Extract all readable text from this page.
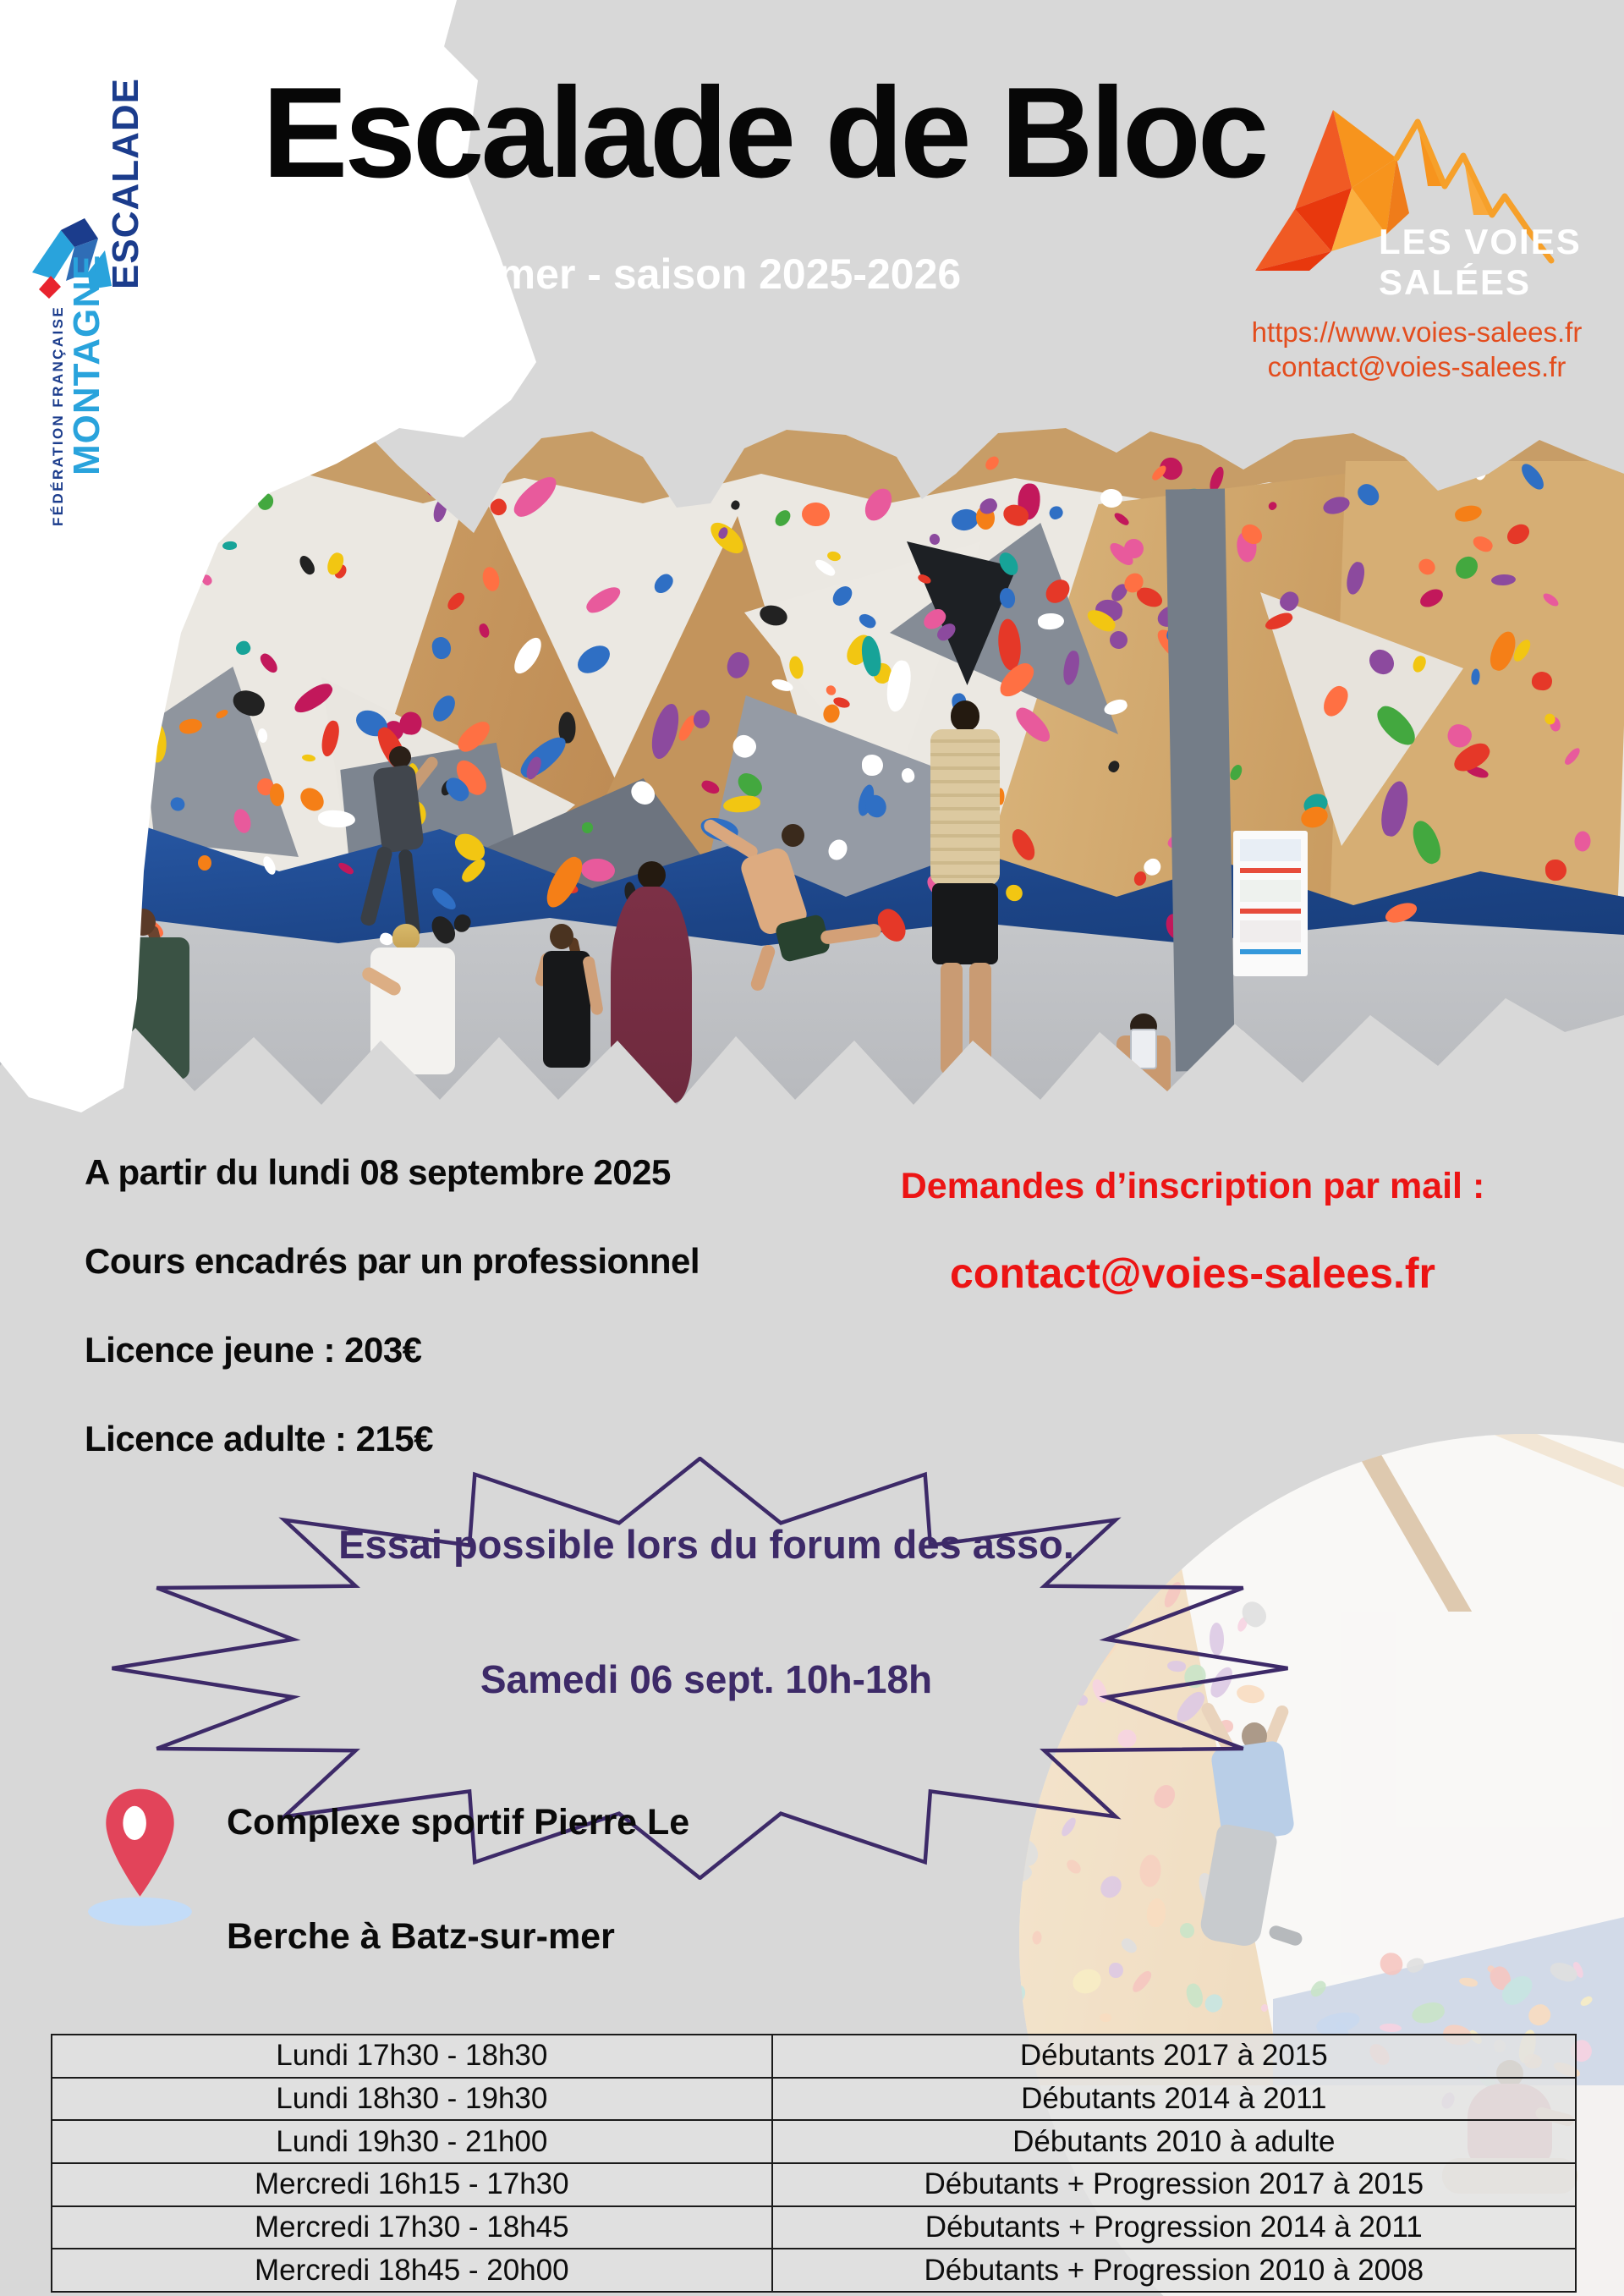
Essai possible lors du forum des asso.
Samedi 06 sept. 10h-18h
FÉDÉRATION FRANÇAISE MONTAGNE
ESCALADE Escalade de Bloc
Batz-sur-mer - saison 2025-2026
LES VOIES
SALÉES
https://www.voies-salees.fr
contact@voies-salees.fr
A partir du lundi 08 septembre 2025
Cours encadrés par un professionnel
Licence jeune : 203€
Licence adulte : 215€
Demandes d’inscription par mail :
contact@voies-salees.fr
Complexe sportif Pierre Le
Berche à Batz-sur-mer
Lundi 17h30 - 18h30	Débutants 2017 à 2015
Lundi 18h30 - 19h30	Débutants 2014 à 2011
Lundi 19h30 - 21h00	Débutants 2010 à adulte
Mercredi 16h15 - 17h30	Débutants + Progression 2017 à 2015
Mercredi 17h30 - 18h45	Débutants + Progression 2014 à 2011
Mercredi 18h45 - 20h00	Débutants + Progression 2010 à 2008
